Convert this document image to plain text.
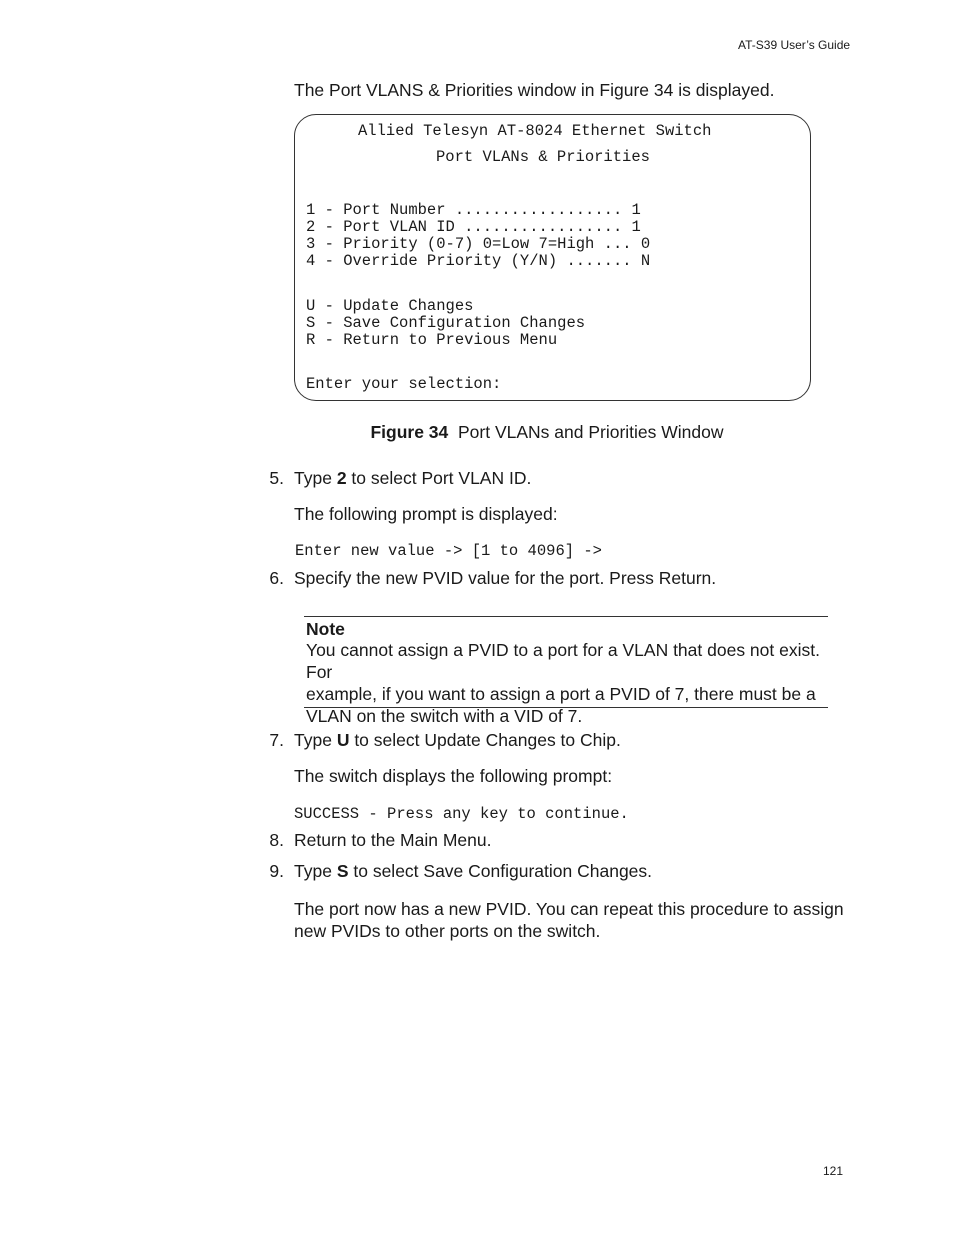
AT-S39 User’s Guide
The Port VLANS & Priorities window in Figure 34 is displayed.
Allied Telesyn AT-8024 Ethernet Switch
Port VLANs & Priorities
1 - Port Number .................. 1
2 - Port VLAN ID ................. 1
3 - Priority (0-7) 0=Low 7=High ... 0
4 - Override Priority (Y/N) ....... N
U - Update Changes
S - Save Configuration Changes
R - Return to Previous Menu
Enter your selection:
Figure 34 Port VLANs and Priorities Window
5. Type 2 to select Port VLAN ID.
The following prompt is displayed:
Enter new value -> [1 to 4096] ->
6. Specify the new PVID value for the port. Press Return.
Note
You cannot assign a PVID to a port for a VLAN that does not exist. For
example, if you want to assign a port a PVID of 7, there must be a
VLAN on the switch with a VID of 7.
7. Type U to select Update Changes to Chip.
The switch displays the following prompt:
SUCCESS - Press any key to continue.
8. Return to the Main Menu.
9. Type S to select Save Configuration Changes.
The port now has a new PVID. You can repeat this procedure to assign
new PVIDs to other ports on the switch.
121
